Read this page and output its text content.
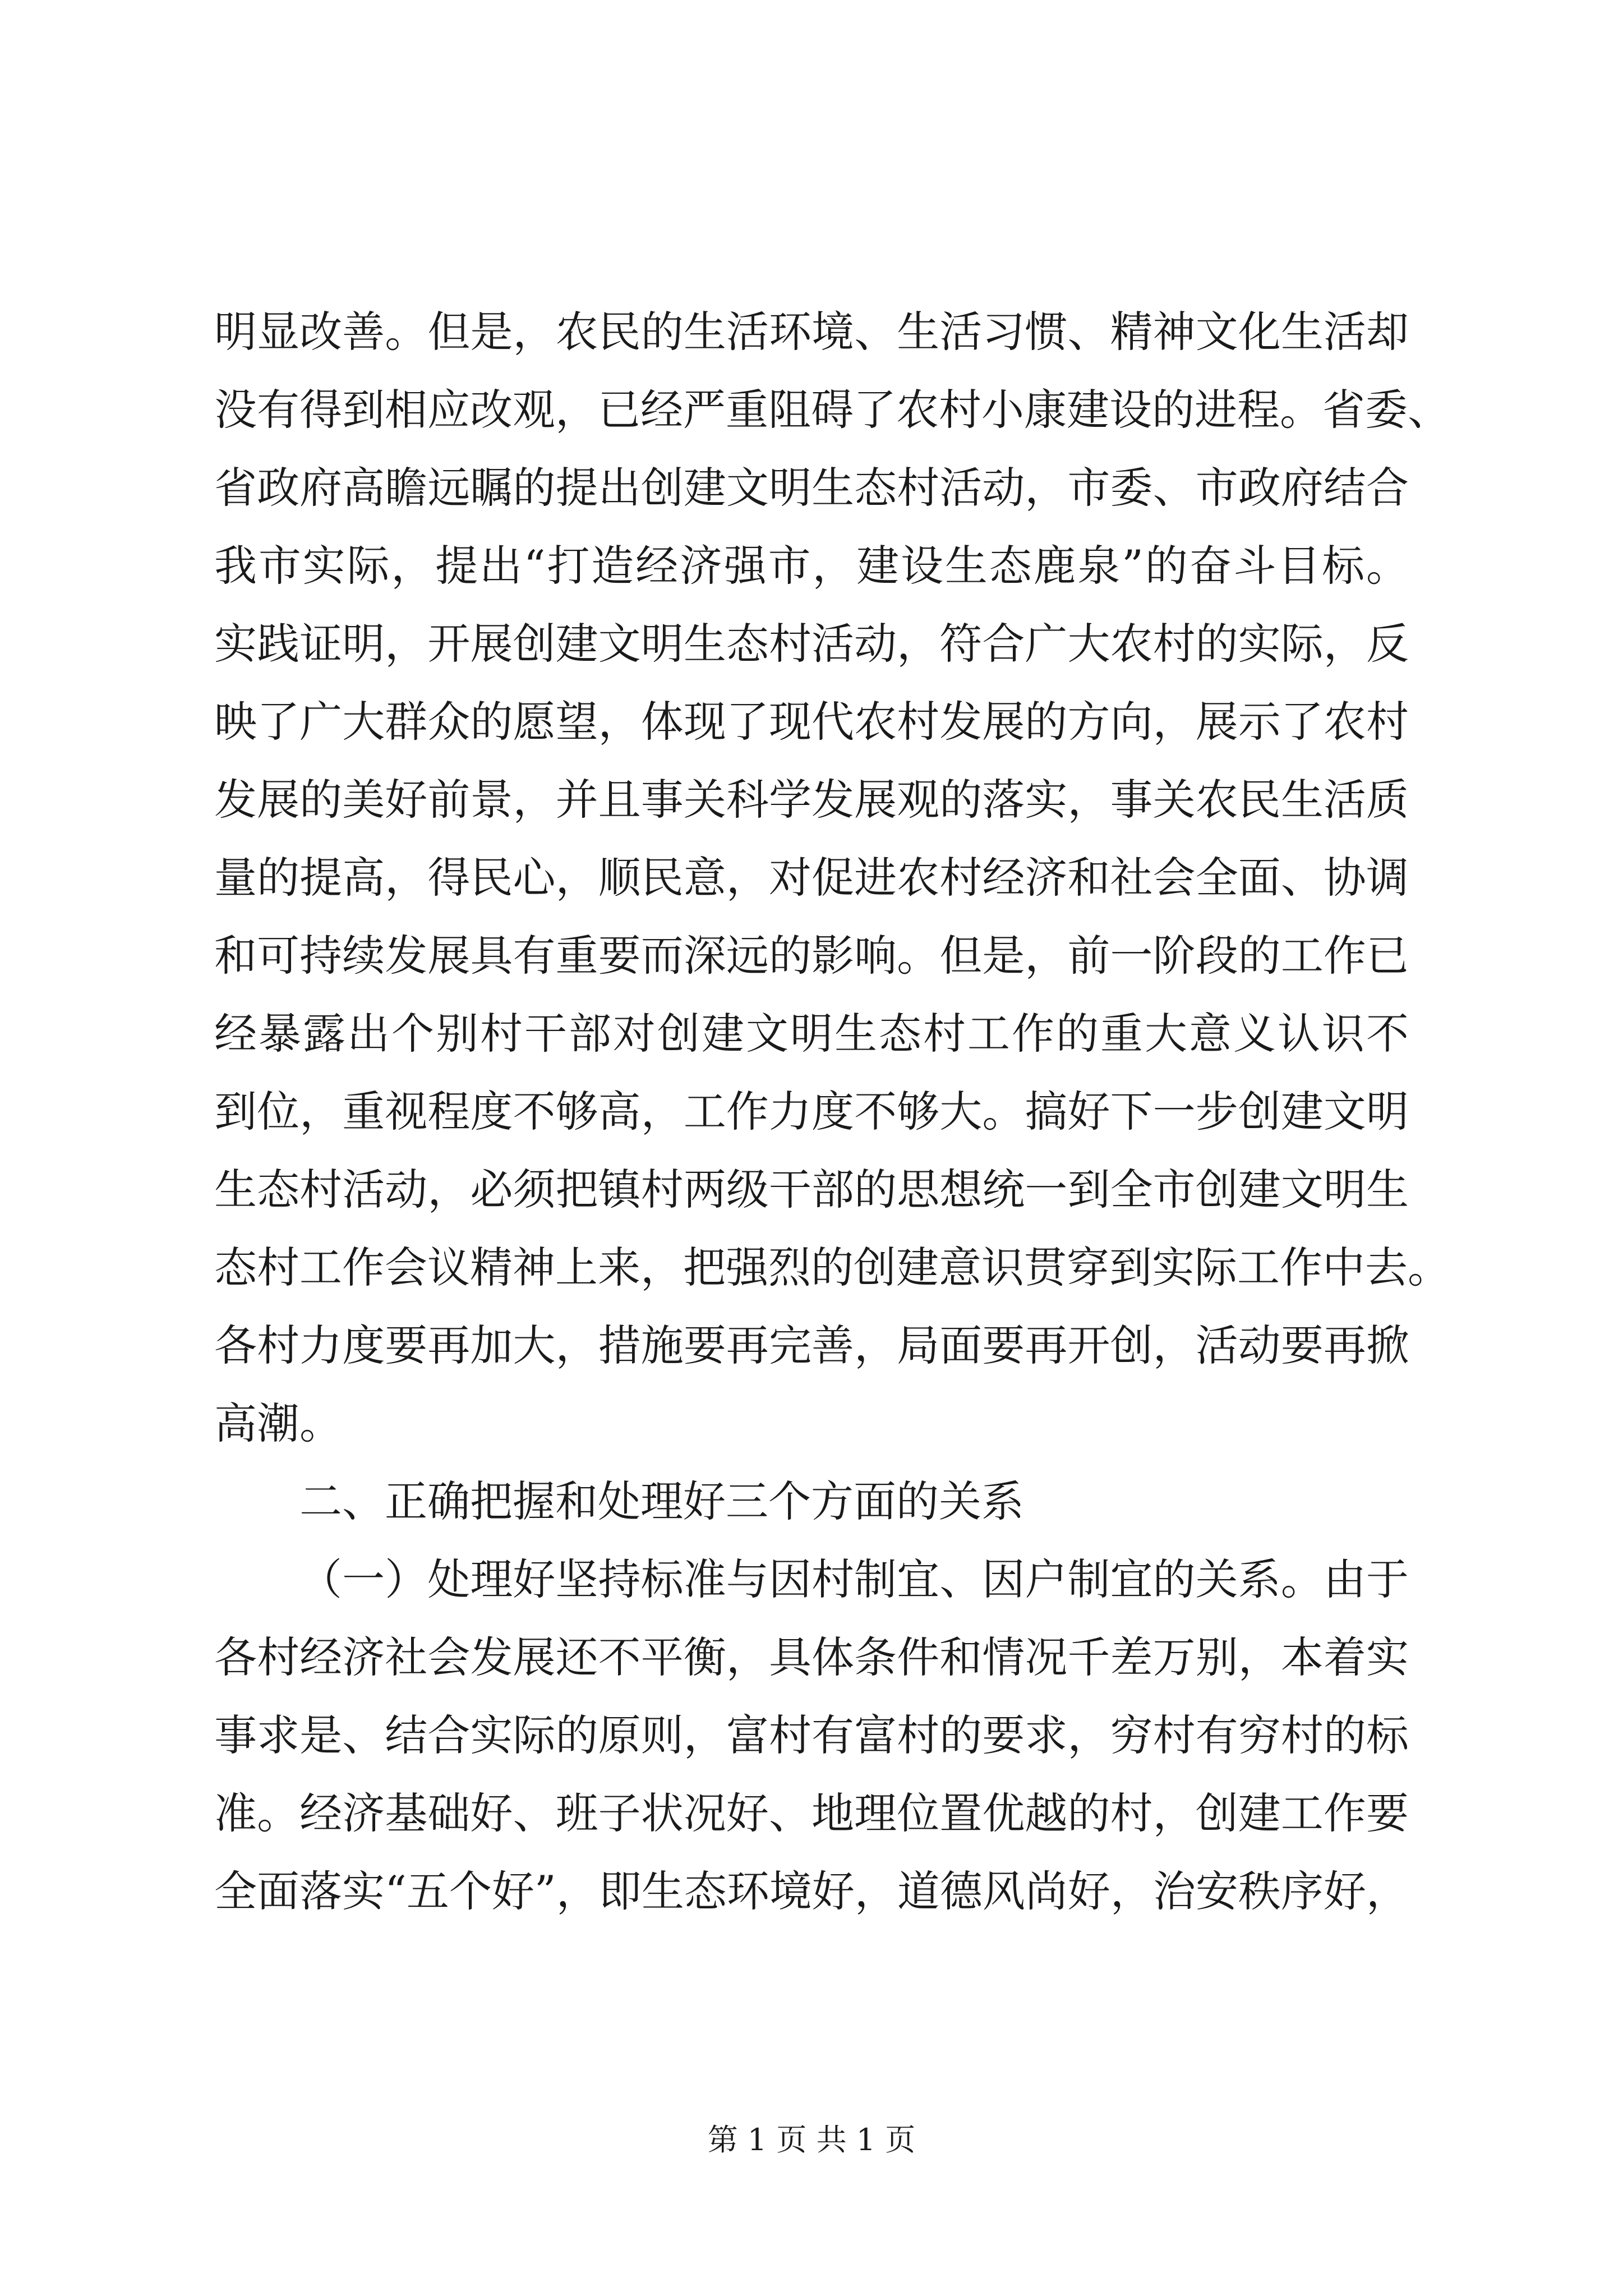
明显改善。但是，农民的生活环境、生活习惯、精神文化生活却
没有得到相应改观，已经严重阻碍了农村小康建设的进程。省委、
省政府高瞻远瞩的提出创建文明生态村活动，市委、市政府结合
我市实际，提出“打造经济强市，建设生态鹿泉”的奋斗目标。
实践证明，开展创建文明生态村活动，符合广大农村的实际，反
映了广大群众的愿望，体现了现代农村发展的方向，展示了农村
发展的美好前景，并且事关科学发展观的落实，事关农民生活质
量的提高，得民心，顺民意，对促进农村经济和社会全面、协调
和可持续发展具有重要而深远的影响。但是，前一阶段的工作已
经暴露出个别村干部对创建文明生态村工作的重大意义认识不
到位，重视程度不够高，工作力度不够大。搞好下一步创建文明
生态村活动，必须把镇村两级干部的思想统一到全市创建文明生
态村工作会议精神上来，把强烈的创建意识贯穿到实际工作中去。
各村力度要再加大，措施要再完善，局面要再开创，活动要再掀
高潮。
二、正确把握和处理好三个方面的关系
（一）处理好坚持标准与因村制宜、因户制宜的关系。由于
各村经济社会发展还不平衡，具体条件和情况千差万别，本着实
事求是、结合实际的原则，富村有富村的要求，穷村有穷村的标
准。经济基础好、班子状况好、地理位置优越的村，创建工作要
全面落实“五个好”，即生态环境好，道德风尚好，治安秩序好，
第 1 页 共 1 页
